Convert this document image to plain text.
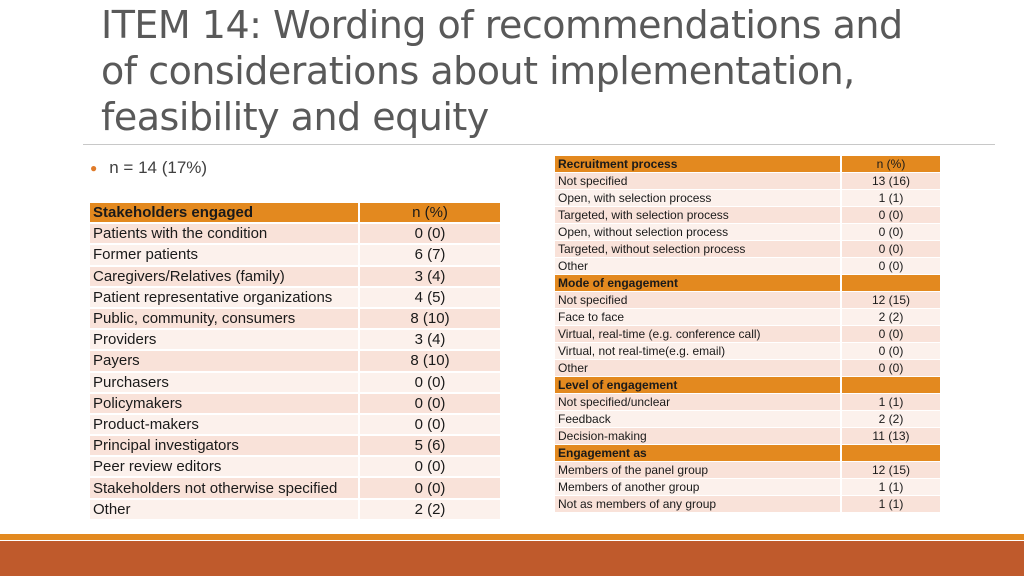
ITEM 14: Wording of recommendations and
of considerations about implementation,
feasibility and equity
● n = 14 (17%)
Stakeholders engaged	n (%)
Patients with the condition	0 (0)
Former patients	6 (7)
Caregivers/Relatives (family)	3 (4)
Patient representative organizations	4 (5)
Public, community, consumers	8 (10)
Providers	3 (4)
Payers	8 (10)
Purchasers	0 (0)
Policymakers	0 (0)
Product-makers	0 (0)
Principal investigators	5 (6)
Peer review editors	0 (0)
Stakeholders not otherwise specified	0 (0)
Other	2 (2)
Recruitment process	n (%)
Not specified	13 (16)
Open, with selection process	1 (1)
Targeted, with selection process	0 (0)
Open, without selection process	0 (0)
Targeted, without selection process	0 (0)
Other	0 (0)
Mode of engagement	
Not specified	12 (15)
Face to face	2 (2)
Virtual, real-time (e.g. conference call)	0 (0)
Virtual, not real-time(e.g. email)	0 (0)
Other	0 (0)
Level of engagement	
Not specified/unclear	1 (1)
Feedback	2 (2)
Decision-making	11 (13)
Engagement as	
Members of the panel group	12 (15)
Members of another group	1 (1)
Not as members of any group	1 (1)
